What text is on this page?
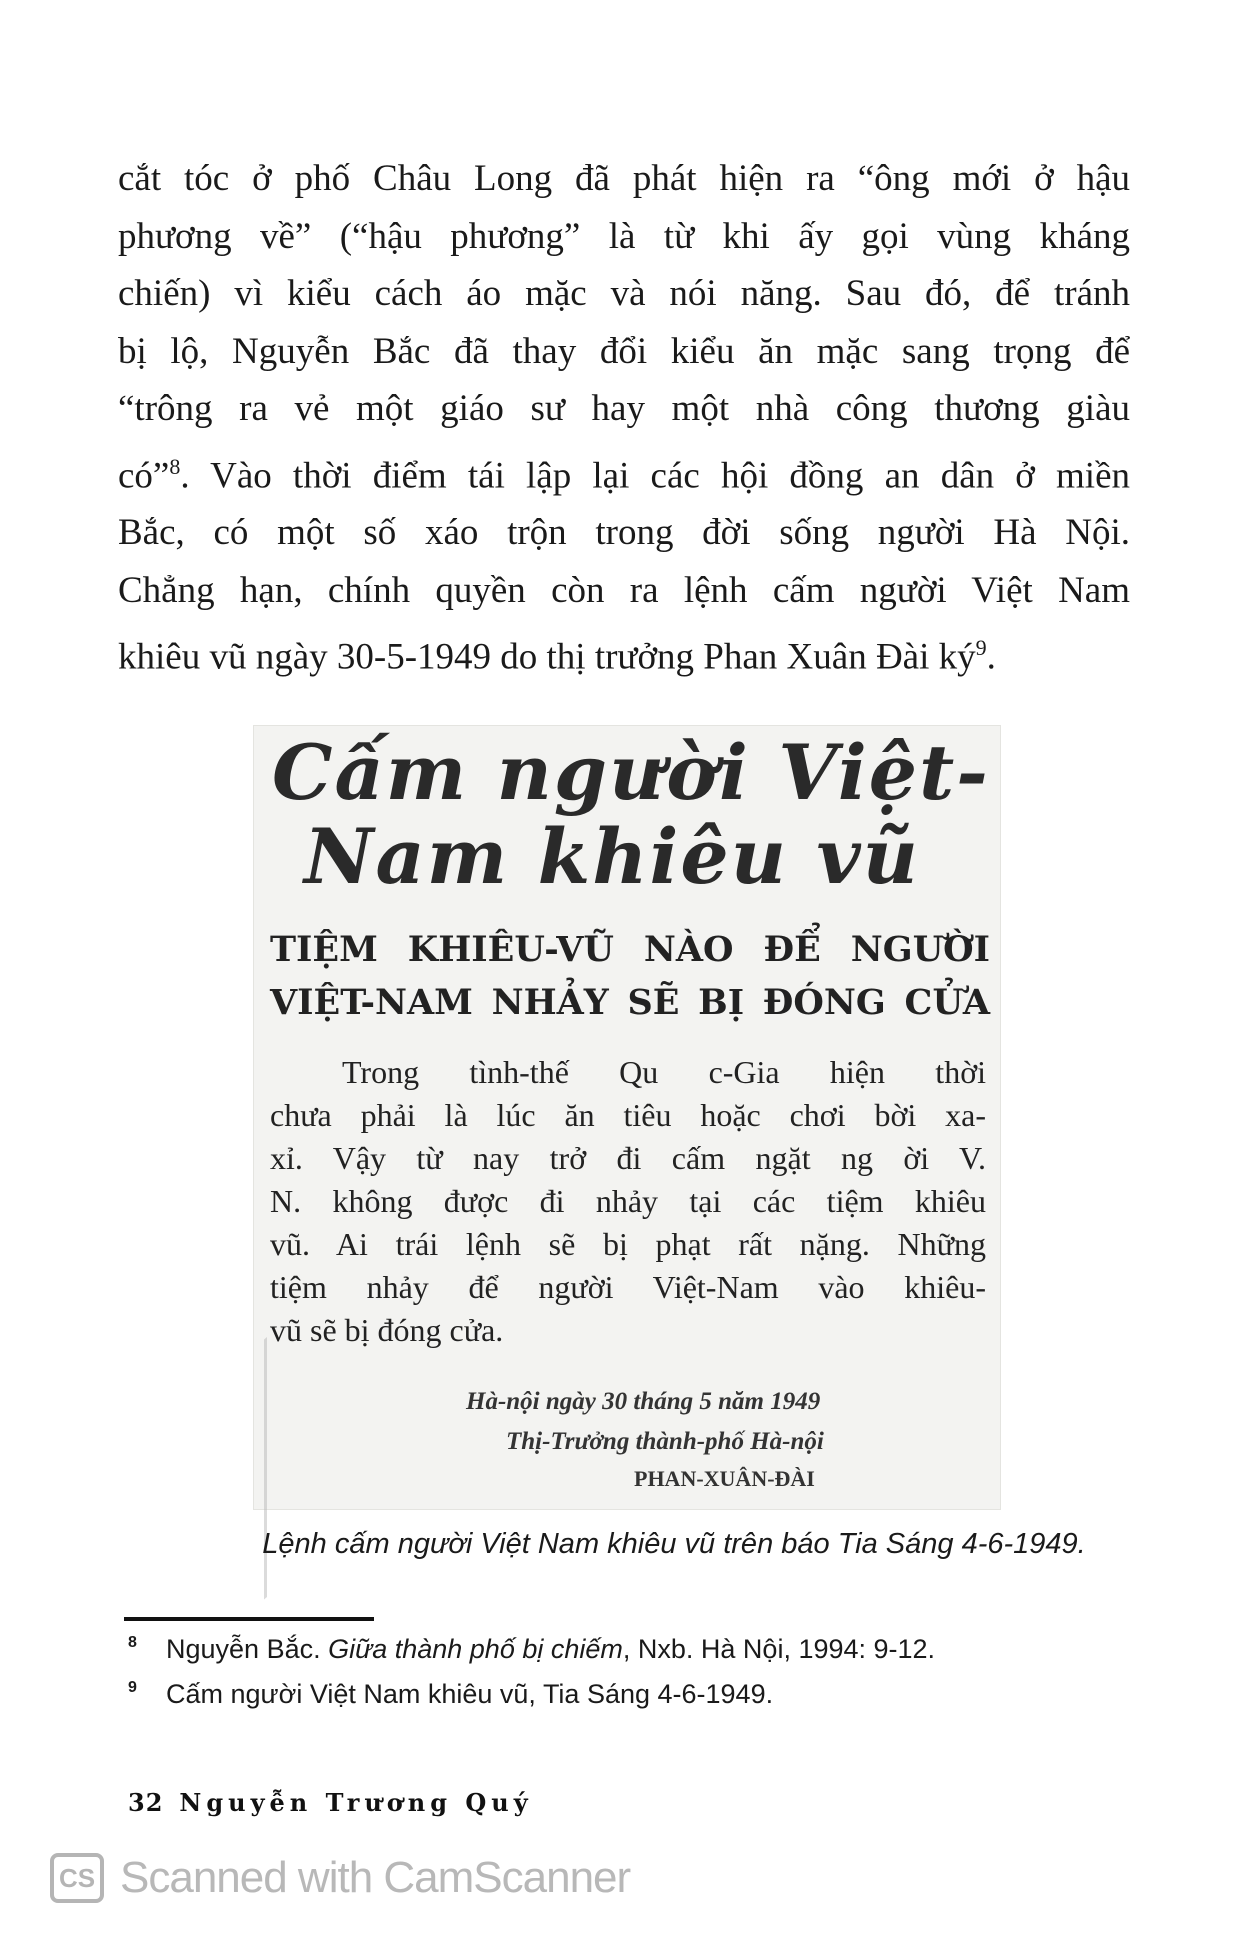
cắt tóc ở phố Châu Long đã phát hiện ra “ông mới ở hậu
phương về” (“hậu phương” là từ khi ấy gọi vùng kháng
chiến) vì kiểu cách áo mặc và nói năng. Sau đó, để tránh
bị lộ, Nguyễn Bắc đã thay đổi kiểu ăn mặc sang trọng để
“trông ra vẻ một giáo sư hay một nhà công thương giàu
có”$^8$. Vào thời điểm tái lập lại các hội đồng an dân ở miền
Bắc, có một số xáo trộn trong đời sống người Hà Nội.
Chẳng hạn, chính quyền còn ra lệnh cấm người Việt Nam
khiêu vũ ngày 30-5-1949 do thị trưởng Phan Xuân Đài $ký^9$.
Cấm người Việt-
Nam khiêu vũ
TIỆM KHIÊU-VŨ NÀO ĐỂ NGƯỜI
VIỆT-NAM NHẢY SẼ BỊ ĐÓNG CỬA
Trong tình-thế Qu c-Gia hiện thời
chưa phải là lúc ăn tiêu hoặc chơi bời xa-
xỉ. Vậy từ nay trở đi cấm ngặt ng ời V.
N. không được đi nhảy tại các tiệm khiêu
vũ. Ai trái lệnh sẽ bị phạt rất nặng. Những
tiệm nhảy để người Việt-Nam vào khiêu-
vũ sẽ bị đóng cửa.
Hà-nội ngày 30 tháng 5 năm 1949
Thị-Trưởng thành-phố Hà-nội
PHAN-XUÂN-ĐÀI
Lệnh cấm người Việt Nam khiêu vũ trên báo Tia Sáng 4-6-1949.
8 Nguyễn Bắc. Giữa thành phố bị chiếm, Nxb. Hà Nội, 1994: 9-12.
9 Cấm người Việt Nam khiêu vũ, Tia Sáng 4-6-1949.
32 Nguyễn Trương Quý
CS Scanned with CamScanner
